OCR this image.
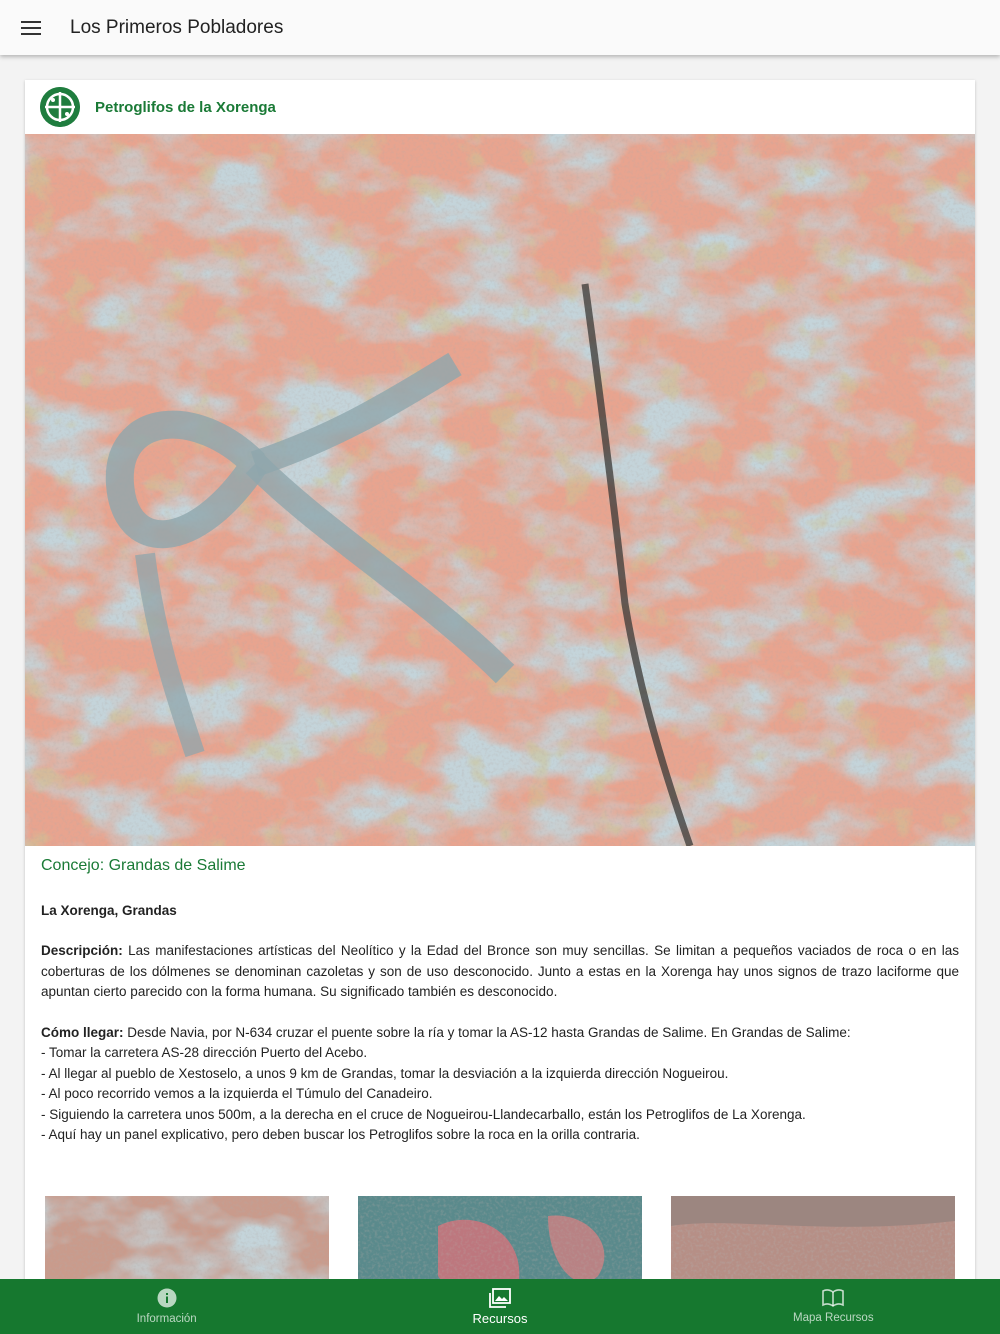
Los Primeros Pobladores
Petroglifos de la Xorenga
Concejo: Grandas de Salime
La Xorenga, Grandas

Descripción: Las manifestaciones artísticas del Neolítico y la Edad del Bronce son muy sencillas. Se limitan a pequeños vaciados de roca o en las coberturas de los dólmenes se denominan cazoletas y son de uso desconocido. Junto a estas en la Xorenga hay unos signos de trazo laciforme que apuntan cierto parecido con la forma humana. Su significado también es desconocido.

Cómo llegar: Desde Navia, por N-634 cruzar el puente sobre la ría y tomar la AS-12 hasta Grandas de Salime. En Grandas de Salime:
- Tomar la carretera AS-28 dirección Puerto del Acebo.
- Al llegar al pueblo de Xestoselo, a unos 9 km de Grandas, tomar la desviación a la izquierda dirección Nogueirou.
- Al poco recorrido vemos a la izquierda el Túmulo del Canadeiro.
- Siguiendo la carretera unos 500m, a la derecha en el cruce de Nogueirou-Llandecarballo, están los Petroglifos de La Xorenga.
- Aquí hay un panel explicativo, pero deben buscar los Petroglifos sobre la roca en la orilla contraria.
Información	Recursos	Mapa Recursos
